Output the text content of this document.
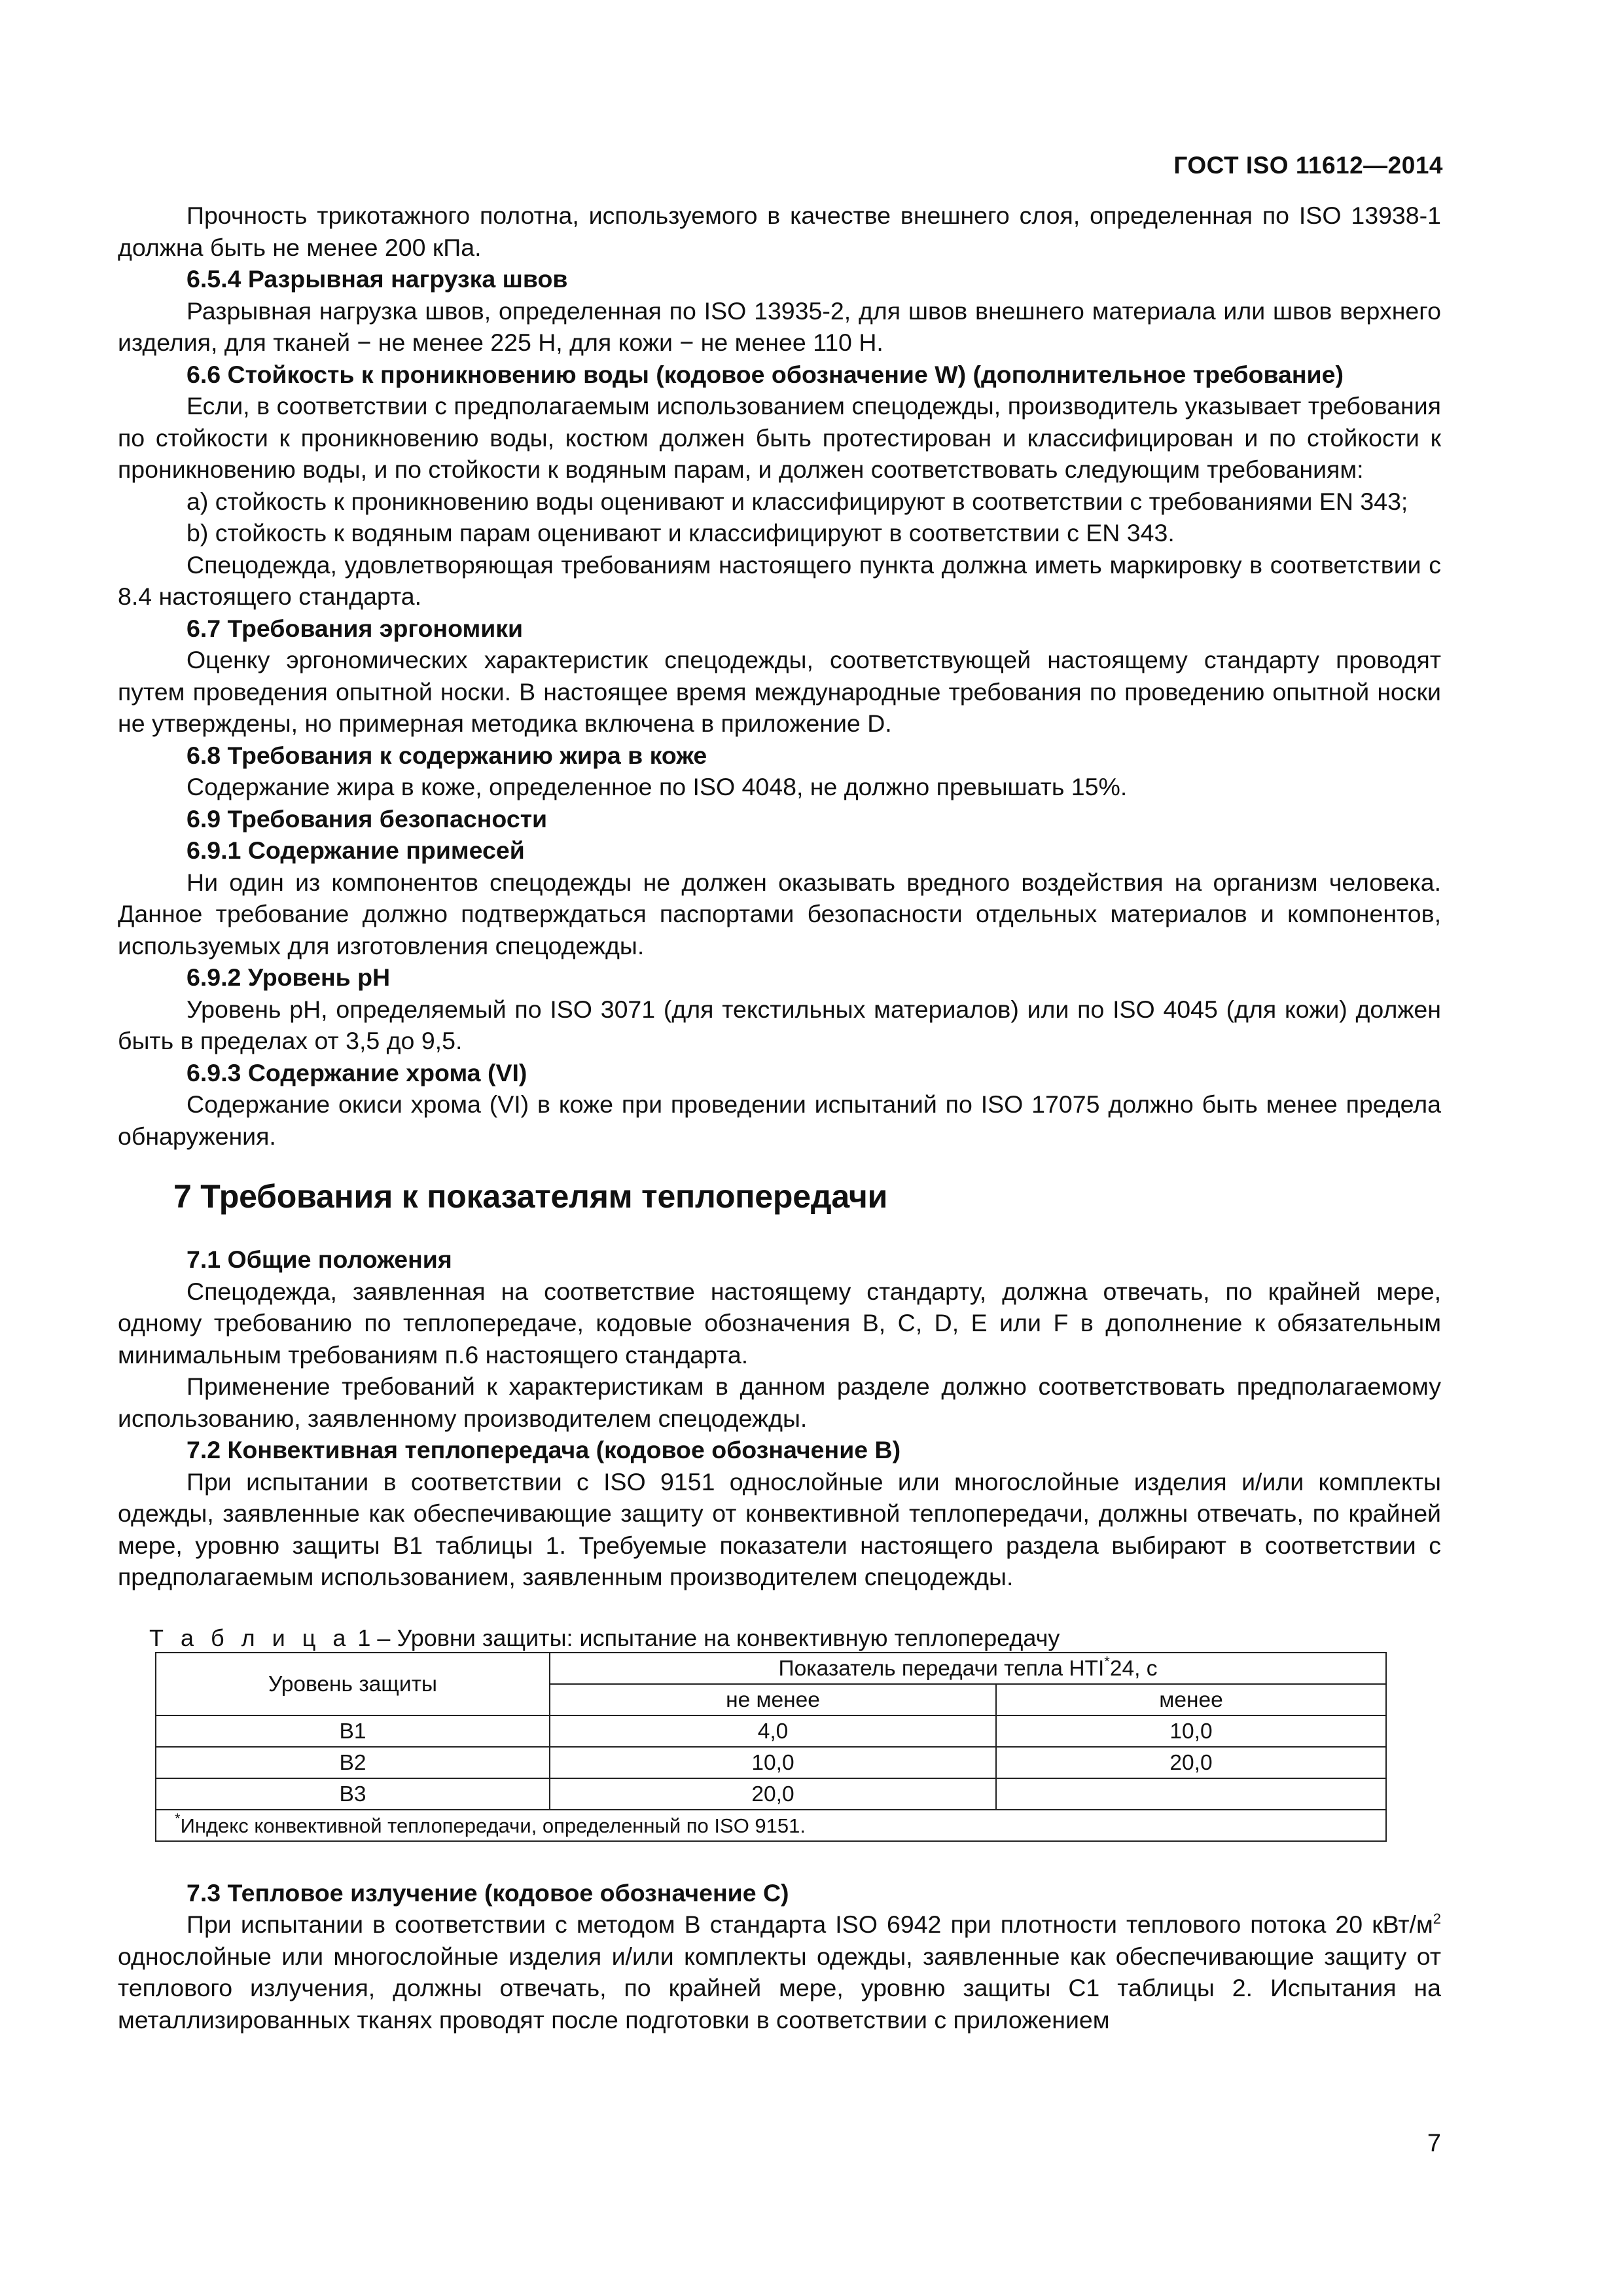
ГОСТ ISO 11612—2014

Прочность трикотажного полотна, используемого в качестве внешнего слоя, определенная по ISO 13938-1 должна быть не менее 200 кПа.

6.5.4 Разрывная нагрузка швов

Разрывная нагрузка швов, определенная по ISO 13935-2, для швов внешнего материала или швов верхнего изделия, для тканей − не менее 225 Н, для кожи − не менее 110 Н.

6.6 Стойкость к проникновению воды (кодовое обозначение W) (дополнительное требование)

Если, в соответствии с предполагаемым использованием спецодежды, производитель указывает требования по стойкости к проникновению воды, костюм должен быть протестирован и классифицирован и по стойкости к проникновению воды, и по стойкости к водяным парам, и должен соответствовать следующим требованиям:

a) стойкость к проникновению воды оценивают и классифицируют в соответствии с требованиями EN 343;

b) стойкость к водяным парам оценивают и классифицируют в соответствии с EN 343.

Спецодежда, удовлетворяющая требованиям настоящего пункта должна иметь маркировку в соответствии с 8.4 настоящего стандарта.

6.7 Требования эргономики

Оценку эргономических характеристик спецодежды, соответствующей настоящему стандарту проводят путем проведения опытной носки. В настоящее время международные требования по проведению опытной носки не утверждены, но примерная методика включена в приложение D.

6.8 Требования к содержанию жира в коже

Содержание жира в коже, определенное по ISO 4048, не должно превышать 15%.

6.9 Требования безопасности

6.9.1 Содержание примесей

Ни один из компонентов спецодежды не должен оказывать вредного воздействия на организм человека. Данное требование должно подтверждаться паспортами безопасности отдельных материалов и компонентов, используемых для изготовления спецодежды.

6.9.2 Уровень pH

Уровень pH, определяемый по ISO 3071 (для текстильных материалов) или по ISO 4045 (для кожи) должен быть в пределах от 3,5 до 9,5.

6.9.3 Содержание хрома (VI)

Содержание окиси хрома (VI) в коже при проведении испытаний по ISO 17075 должно быть менее предела обнаружения.

7 Требования к показателям теплопередачи

7.1 Общие положения

Спецодежда, заявленная на соответствие настоящему стандарту, должна отвечать, по крайней мере, одному требованию по теплопередаче, кодовые обозначения B, C, D, E или F в дополнение к обязательным минимальным требованиям п.6 настоящего стандарта.

Применение требований к характеристикам в данном разделе должно соответствовать предполагаемому использованию, заявленному производителем спецодежды.

7.2 Конвективная теплопередача (кодовое обозначение B)

При испытании в соответствии с ISO 9151 однослойные или многослойные изделия и/или комплекты одежды, заявленные как обеспечивающие защиту от конвективной теплопередачи, должны отвечать, по крайней мере, уровню защиты B1 таблицы 1. Требуемые показатели настоящего раздела выбирают в соответствии с предполагаемым использованием, заявленным производителем спецодежды.

Т а б л и ц а 1 – Уровни защиты: испытание на конвективную теплопередачу
Уровень защиты	Показатель передачи тепла HTI*24, с	
	не менее	менее
B1	4,0	10,0
B2	10,0	20,0
B3	20,0	
*Индекс конвективной теплопередачи, определенный по ISO 9151.		

7.3 Тепловое излучение (кодовое обозначение C)

При испытании в соответствии с методом B стандарта ISO 6942 при плотности теплового потока 20 кВт/$м^2$ однослойные или многослойные изделия и/или комплекты одежды, заявленные как обеспечивающие защиту от теплового излучения, должны отвечать, по крайней мере, уровню защиты C1 таблицы 2. Испытания на металлизированных тканях проводят после подготовки в соответствии с приложением

7
